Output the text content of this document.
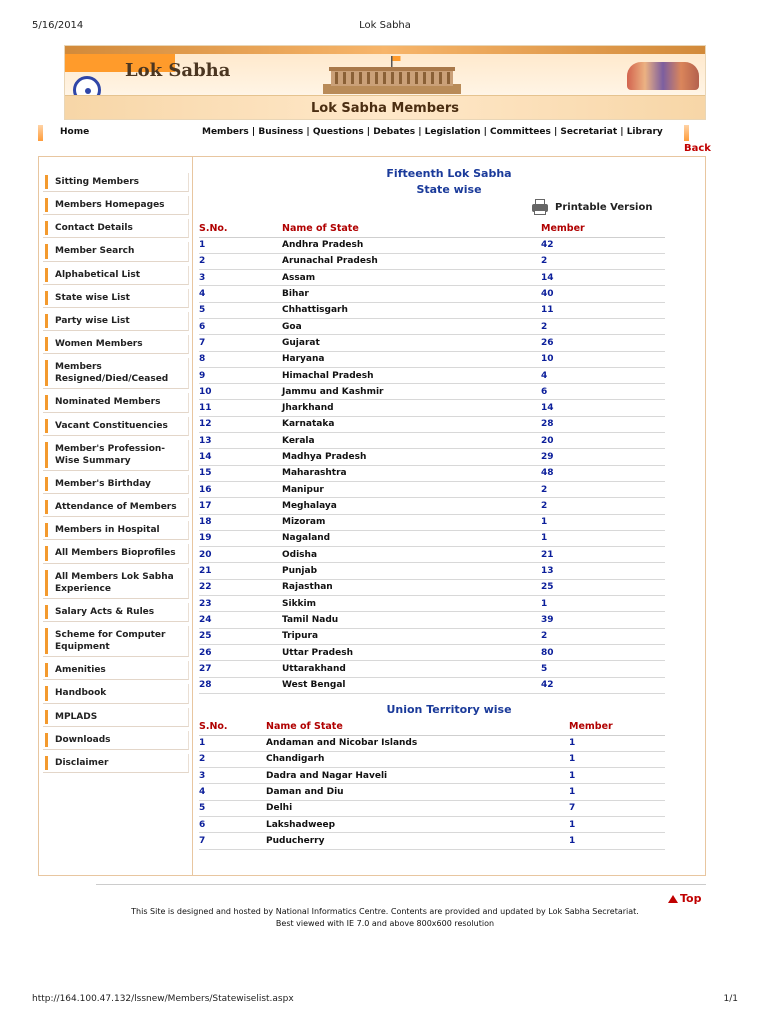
5/16/2014	Lok Sabha
Lok Sabha
Lok Sabha Members
Home	Members | Business | Questions | Debates | Legislation | Committees | Secretariat | Library
Back
Sitting Members
Members Homepages
Contact Details
Member Search
Alphabetical List
State wise List
Party wise List
Women Members
Members Resigned/Died/Ceased
Nominated Members
Vacant Constituencies
Member's Profession-Wise Summary
Member's Birthday
Attendance of Members
Members in Hospital
All Members Bioprofiles
All Members Lok Sabha Experience
Salary Acts & Rules
Scheme for Computer Equipment
Amenities
Handbook
MPLADS
Downloads
Disclaimer
Fifteenth Lok Sabha
State wise
Printable Version
S.No.	Name of State	Member
1	Andhra Pradesh	42
2	Arunachal Pradesh	2
3	Assam	14
4	Bihar	40
5	Chhattisgarh	11
6	Goa	2
7	Gujarat	26
8	Haryana	10
9	Himachal Pradesh	4
10	Jammu and Kashmir	6
11	Jharkhand	14
12	Karnataka	28
13	Kerala	20
14	Madhya Pradesh	29
15	Maharashtra	48
16	Manipur	2
17	Meghalaya	2
18	Mizoram	1
19	Nagaland	1
20	Odisha	21
21	Punjab	13
22	Rajasthan	25
23	Sikkim	1
24	Tamil Nadu	39
25	Tripura	2
26	Uttar Pradesh	80
27	Uttarakhand	5
28	West Bengal	42
Union Territory wise
S.No.	Name of State	Member
1	Andaman and Nicobar Islands	1
2	Chandigarh	1
3	Dadra and Nagar Haveli	1
4	Daman and Diu	1
5	Delhi	7
6	Lakshadweep	1
7	Puducherry	1
Top
This Site is designed and hosted by National Informatics Centre. Contents are provided and updated by Lok Sabha Secretariat.
Best viewed with IE 7.0 and above 800x600 resolution
http://164.100.47.132/lssnew/Members/Statewiselist.aspx	1/1
